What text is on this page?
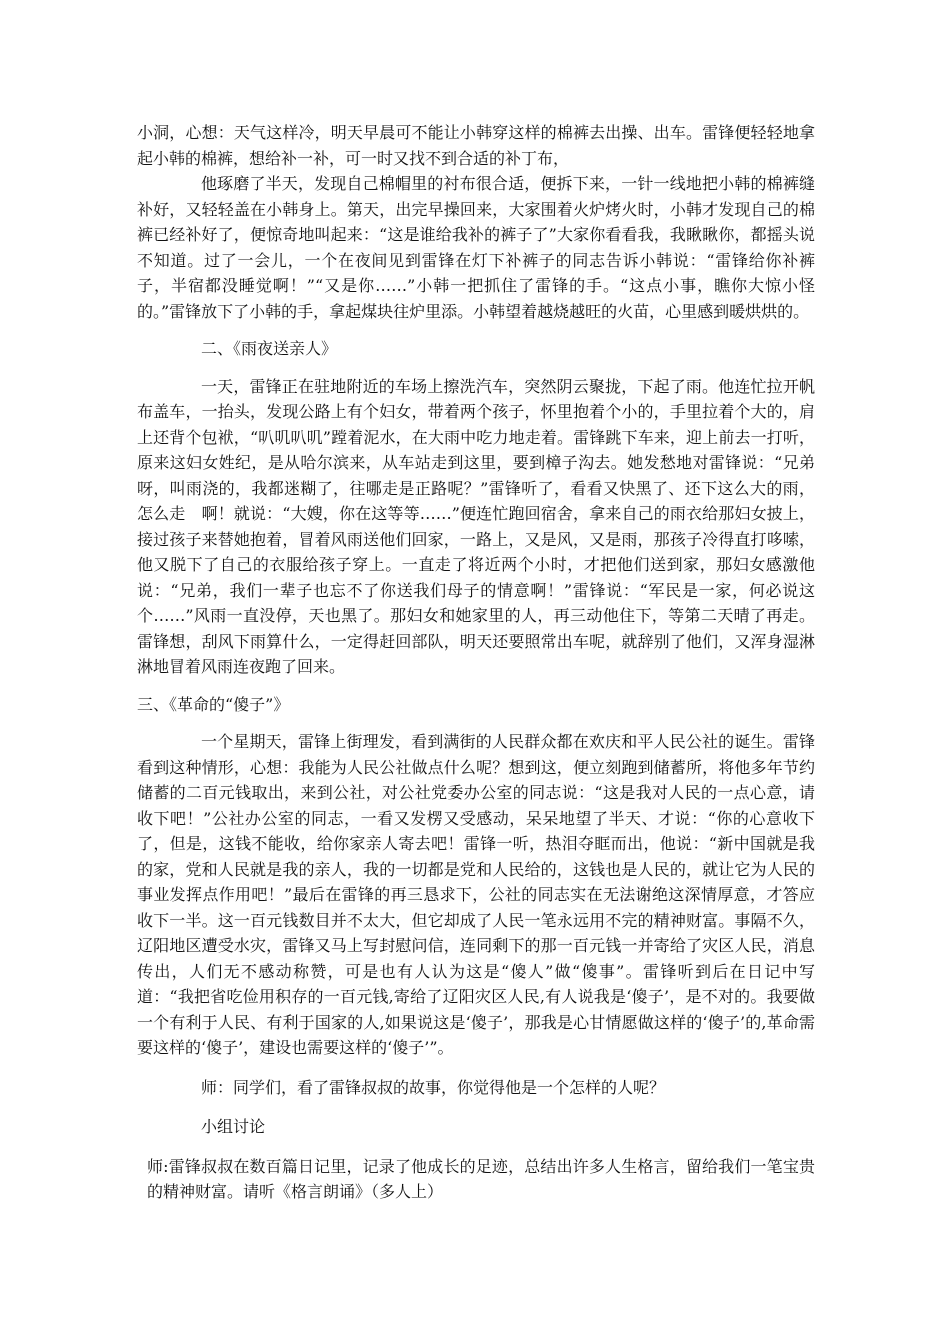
小洞，心想：天气这样冷，明天早晨可不能让小韩穿这样的棉裤去出操、出车。雷锋便轻轻地拿起小韩的棉裤，想给补一补，可一时又找不到合适的补丁布，

他琢磨了半天，发现自己棉帽里的衬布很合适，便拆下来，一针一线地把小韩的棉裤缝补好，又轻轻盖在小韩身上。第天，出完早操回来，大家围着火炉烤火时，小韩才发现自己的棉裤已经补好了，便惊奇地叫起来：“这是谁给我补的裤子了”大家你看看我，我瞅瞅你，都摇头说不知道。过了一会儿，一个在夜间见到雷锋在灯下补裤子的同志告诉小韩说：“雷锋给你补裤子，半宿都没睡觉啊！”“又是你……”小韩一把抓住了雷锋的手。“这点小事，瞧你大惊小怪的。”雷锋放下了小韩的手，拿起煤块往炉里添。小韩望着越烧越旺的火苗，心里感到暖烘烘的。

二、《雨夜送亲人》

一天，雷锋正在驻地附近的车场上擦洗汽车，突然阴云聚拢，下起了雨。他连忙拉开帆布盖车，一抬头，发现公路上有个妇女，带着两个孩子，怀里抱着个小的，手里拉着个大的，肩上还背个包袱，“叭叽叭叽”蹚着泥水，在大雨中吃力地走着。雷锋跳下车来，迎上前去一打听，原来这妇女姓纪，是从哈尔滨来，从车站走到这里，要到樟子沟去。她发愁地对雷锋说：“兄弟呀，叫雨浇的，我都迷糊了，往哪走是正路呢？”雷锋听了，看看又快黑了、还下这么大的雨，怎么走　啊！就说：“大嫂，你在这等等……”便连忙跑回宿舍，拿来自己的雨衣给那妇女披上，接过孩子来替她抱着，冒着风雨送他们回家，一路上，又是风，又是雨，那孩子冷得直打哆嗦，他又脱下了自己的衣服给孩子穿上。一直走了将近两个小时，才把他们送到家，那妇女感激他说：“兄弟，我们一辈子也忘不了你送我们母子的情意啊！”雷锋说：“军民是一家，何必说这个……”风雨一直没停，天也黑了。那妇女和她家里的人，再三动他住下，等第二天晴了再走。雷锋想，刮风下雨算什么，一定得赶回部队，明天还要照常出车呢，就辞别了他们，又浑身湿淋淋地冒着风雨连夜跑了回来。

三、《革命的“傻子”》

一个星期天，雷锋上街理发，看到满街的人民群众都在欢庆和平人民公社的诞生。雷锋看到这种情形，心想：我能为人民公社做点什么呢？想到这，便立刻跑到储蓄所，将他多年节约储蓄的二百元钱取出，来到公社，对公社党委办公室的同志说：“这是我对人民的一点心意，请收下吧！”公社办公室的同志，一看又发楞又受感动，呆呆地望了半天、才说：“你的心意收下了，但是，这钱不能收，给你家亲人寄去吧！雷锋一听，热泪夺眶而出，他说：“新中国就是我的家，党和人民就是我的亲人，我的一切都是党和人民给的，这钱也是人民的，就让它为人民的事业发挥点作用吧！”最后在雷锋的再三恳求下，公社的同志实在无法谢绝这深情厚意，才答应收下一半。这一百元钱数目并不太大，但它却成了人民一笔永远用不完的精神财富。事隔不久，辽阳地区遭受水灾，雷锋又马上写封慰问信，连同剩下的那一百元钱一并寄给了灾区人民，消息传出，人们无不感动称赞，可是也有人认为这是“傻人”做“傻事”。雷锋听到后在日记中写道：“我把省吃俭用积存的一百元钱,寄给了辽阳灾区人民,有人说我是‘傻子’，是不对的。我要做一个有利于人民、有利于国家的人,如果说这是‘傻子’，那我是心甘情愿做这样的‘傻子’的,革命需要这样的‘傻子’，建设也需要这样的‘傻子’”。

师：同学们，看了雷锋叔叔的故事，你觉得他是一个怎样的人呢？

小组讨论

师:雷锋叔叔在数百篇日记里，记录了他成长的足迹，总结出许多人生格言，留给我们一笔宝贵的精神财富。请听《格言朗诵》（多人上）
